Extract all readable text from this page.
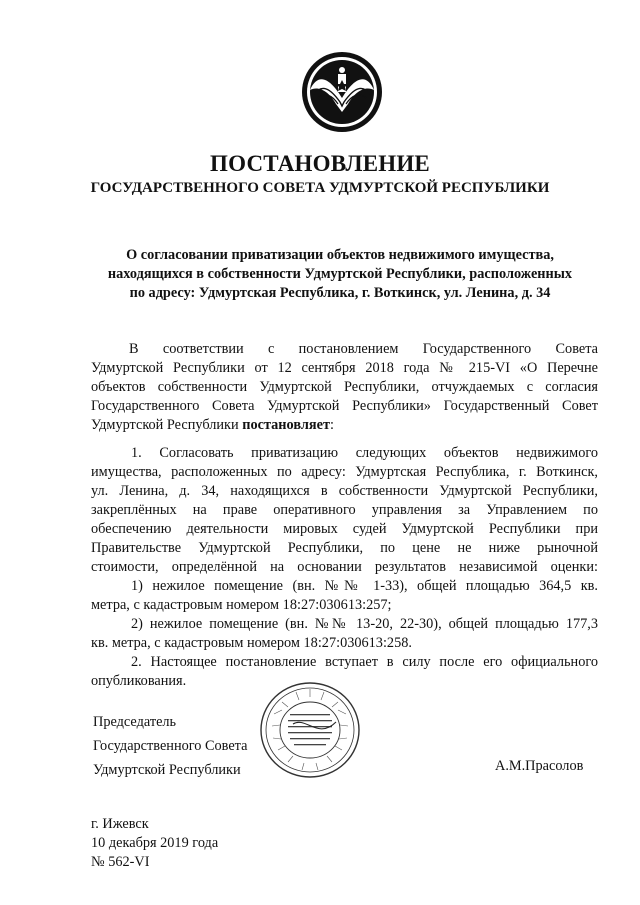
ПОСТАНОВЛЕНИЕ
ГОСУДАРСТВЕННОГО СОВЕТА УДМУРТСКОЙ РЕСПУБЛИКИ
О согласовании приватизации объектов недвижимого имущества,
находящихся в собственности Удмуртской Республики, расположенных
по адресу: Удмуртская Республика, г. Воткинск, ул. Ленина, д. 34
В соответствии с постановлением Государственного Совета
Удмуртской Республики от 12 сентября 2018 года № 215-VI «О Перечне
объектов собственности Удмуртской Республики, отчуждаемых с согласия
Государственного Совета Удмуртской Республики» Государственный Совет
Удмуртской Республики постановляет:
1. Согласовать приватизацию следующих объектов недвижимого
имущества, расположенных по адресу: Удмуртская Республика, г. Воткинск,
ул. Ленина, д. 34, находящихся в собственности Удмуртской Республики,
закреплённых на праве оперативного управления за Управлением по
обеспечению деятельности мировых судей Удмуртской Республики при
Правительстве Удмуртской Республики, по цене не ниже рыночной
стоимости, определённой на основании результатов независимой оценки:
1) нежилое помещение (вн. №№ 1-33), общей площадью 364,5 кв.
метра, с кадастровым номером 18:27:030613:257;
2) нежилое помещение (вн. №№ 13-20, 22-30), общей площадью 177,3
кв. метра, с кадастровым номером 18:27:030613:258.
2. Настоящее постановление вступает в силу после его официального
опубликования.
Председатель
Государственного Совета
Удмуртской Республики	А.М.Прасолов
г. Ижевск
10 декабря 2019 года
№ 562-VI
